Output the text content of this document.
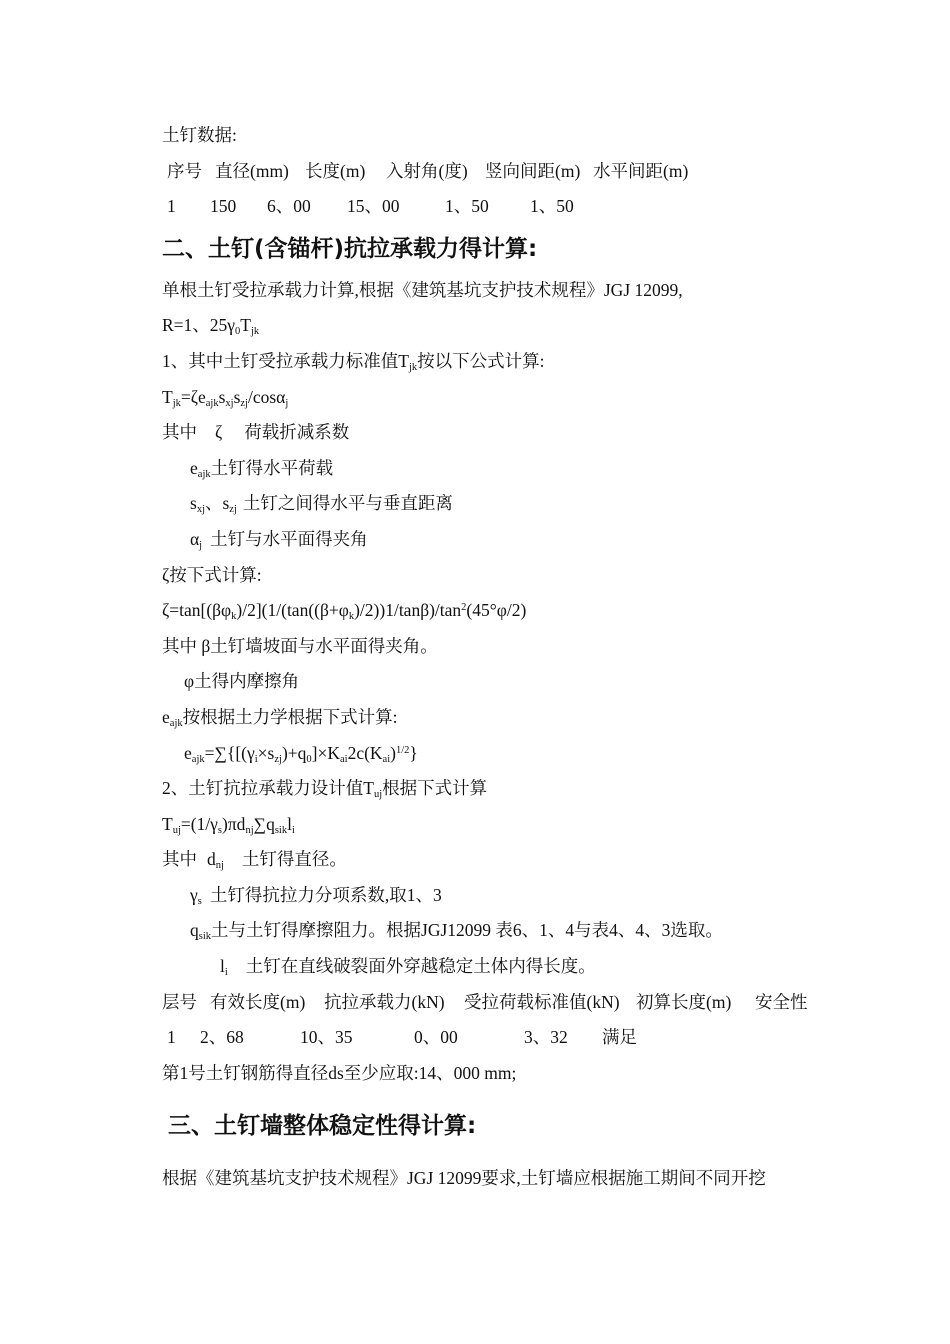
土钉数据:
序号 直径(mm) 长度(m) 入射角(度) 竖向间距(m) 水平间距(m)
1 150 6、00 15、00	1、50 1、50
二、土钉(含锚杆)抗拉承载力得计算:
单根土钉受拉承载力计算,根据《建筑基坑支护技术规程》JGJ 12099,
R=1、$25\gamma_0T_{jk}$
1、其中土钉受拉承载力标准值$T_{jk}$按以下公式计算:
$T_{jk}=\zeta e_{ajk}s_{xj}s_{zj}/\cos\alpha_j$
其中 ζ 荷载折减系数
$e_{ajk}$土钉得水平荷载
$s_{xj}$、$s_{zj}$ 土钉之间得水平与垂直距离
$\alpha_j$ 土钉与水平面得夹角
ζ按下式计算:
$\zeta=\tan[(\beta\varphi_k)/2](1/(\tan((\beta+\varphi_k)/2))1/\tan\beta)/\tan^2(45^\circ\varphi/2)$
其中 β土钉墙坡面与水平面得夹角。
φ土得内摩擦角
$e_{ajk}$按根据土力学根据下式计算:
$e_{ajk}=\sum\{[(\gamma_i\times s_{zj})+q_0]\times K_{ai}2c(K_{ai})^{1/2}\}$
2、土钉抗拉承载力设计值$T_{uj}$根据下式计算
$T_{uj}=(1/\gamma_s)\pi d_{nj}\sum q_{sik}l_i$
其中 $d_{nj}$ 土钉得直径。
$\gamma_s$ 土钉得抗拉力分项系数,取1、3
$q_{sik}$土与土钉得摩擦阻力。根据JGJ12099 表6、1、4与表4、4、3选取。
$l_i$ 土钉在直线破裂面外穿越稳定土体内得长度。
层号 有效长度(m) 抗拉承载力(kN) 受拉荷载标准值(kN) 初算长度(m) 安全性
1 2、68	10、35	0、00	3、32 满足
第1号土钉钢筋得直径ds至少应取:14、000 mm;
三、土钉墙整体稳定性得计算:
根据《建筑基坑支护技术规程》JGJ 12099要求,土钉墙应根据施工期间不同开挖
